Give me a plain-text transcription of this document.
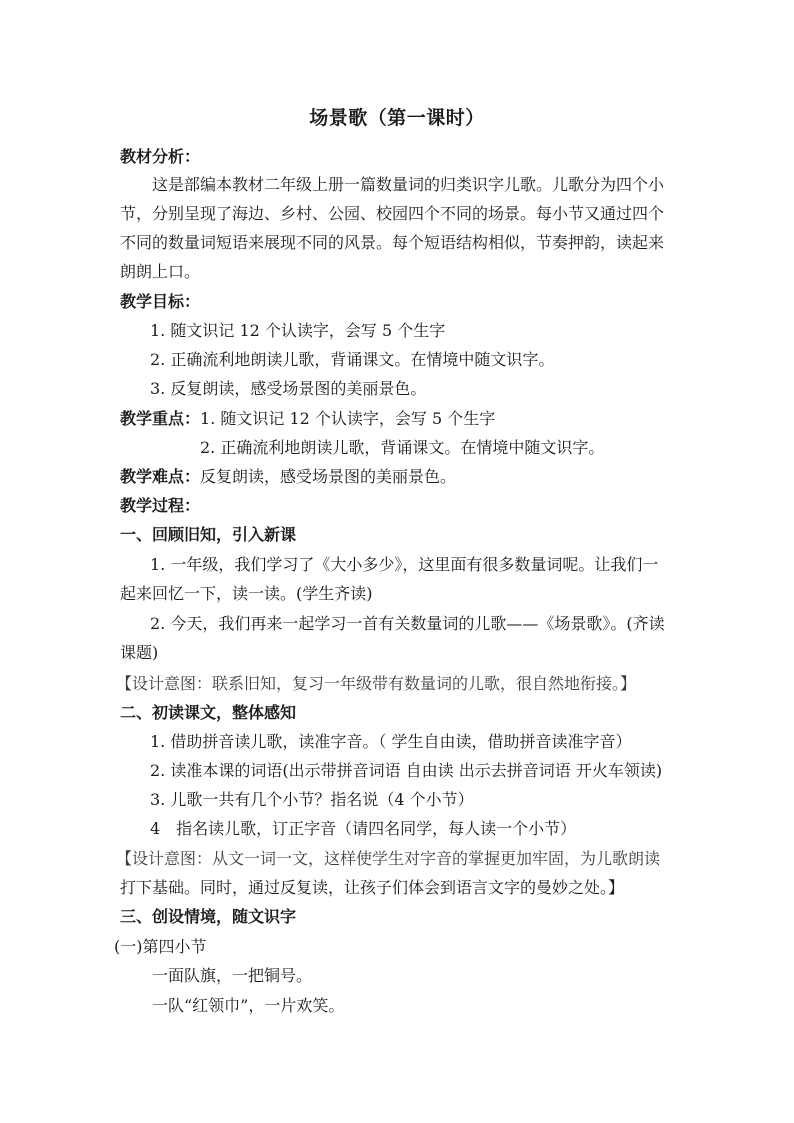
场景歌（第一课时）
教材分析：
这是部编本教材二年级上册一篇数量词的归类识字儿歌。儿歌分为四个小
节，分别呈现了海边、乡村、公园、校园四个不同的场景。每小节又通过四个
不同的数量词短语来展现不同的风景。每个短语结构相似，节奏押韵，读起来
朗朗上口。
教学目标：
1. 随文识记 12 个认读字，会写 5 个生字
2. 正确流利地朗读儿歌，背诵课文。在情境中随文识字。
3. 反复朗读，感受场景图的美丽景色。
教学重点：1. 随文识记 12 个认读字，会写 5 个生字
2. 正确流利地朗读儿歌，背诵课文。在情境中随文识字。
教学难点：反复朗读，感受场景图的美丽景色。
教学过程：
一、回顾旧知，引入新课
1. 一年级，我们学习了《大小多少》，这里面有很多数量词呢。让我们一
起来回忆一下，读一读。(学生齐读)
2. 今天，我们再来一起学习一首有关数量词的儿歌——《场景歌》。(齐读
课题)
【设计意图：联系旧知，复习一年级带有数量词的儿歌，很自然地衔接。】
二、初读课文，整体感知
1. 借助拼音读儿歌，读准字音。（ 学生自由读，借助拼音读准字音）
2. 读准本课的词语(出示带拼音词语 自由读 出示去拼音词语 开火车领读)
3. 儿歌一共有几个小节？指名说（4 个小节）
4　指名读儿歌，订正字音（请四名同学，每人读一个小节）
【设计意图：从文一词一文，这样使学生对字音的掌握更加牢固，为儿歌朗读
打下基础。同时，通过反复读，让孩子们体会到语言文字的曼妙之处。】
三、创设情境，随文识字
(一)第四小节
一面队旗，一把铜号。
一队“红领巾”，一片欢笑。
